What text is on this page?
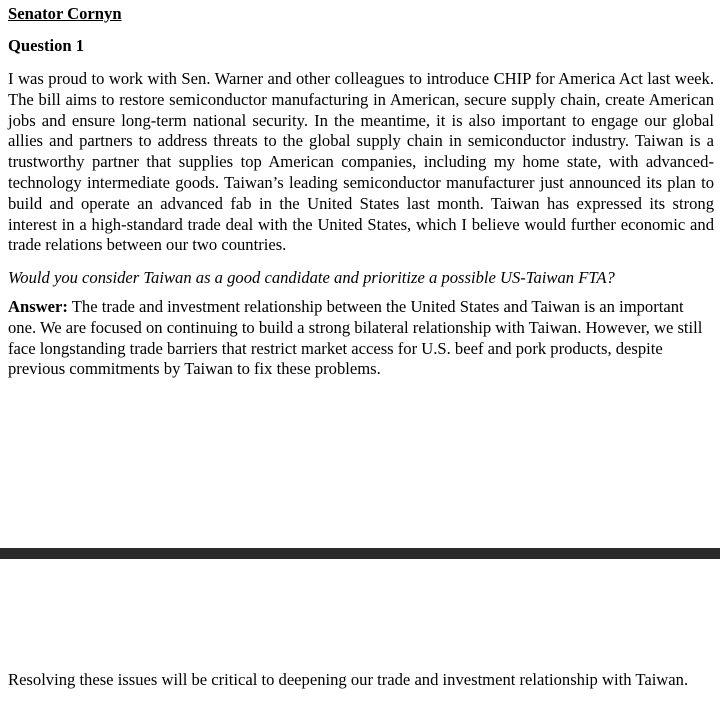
Senator Cornyn
Question 1

I was proud to work with Sen. Warner and other colleagues to introduce CHIP for America Act last week. The bill aims to restore semiconductor manufacturing in American, secure supply chain, create American jobs and ensure long-term national security. In the meantime, it is also important to engage our global allies and partners to address threats to the global supply chain in semiconductor industry. Taiwan is a trustworthy partner that supplies top American companies, including my home state, with advanced-technology intermediate goods. Taiwan’s leading semiconductor manufacturer just announced its plan to build and operate an advanced fab in the United States last month. Taiwan has expressed its strong interest in a high-standard trade deal with the United States, which I believe would further economic and trade relations between our two countries.

Would you consider Taiwan as a good candidate and prioritize a possible US-Taiwan FTA?

Answer: The trade and investment relationship between the United States and Taiwan is an important one. We are focused on continuing to build a strong bilateral relationship with Taiwan. However, we still face longstanding trade barriers that restrict market access for U.S. beef and pork products, despite previous commitments by Taiwan to fix these problems.

Resolving these issues will be critical to deepening our trade and investment relationship with Taiwan.
